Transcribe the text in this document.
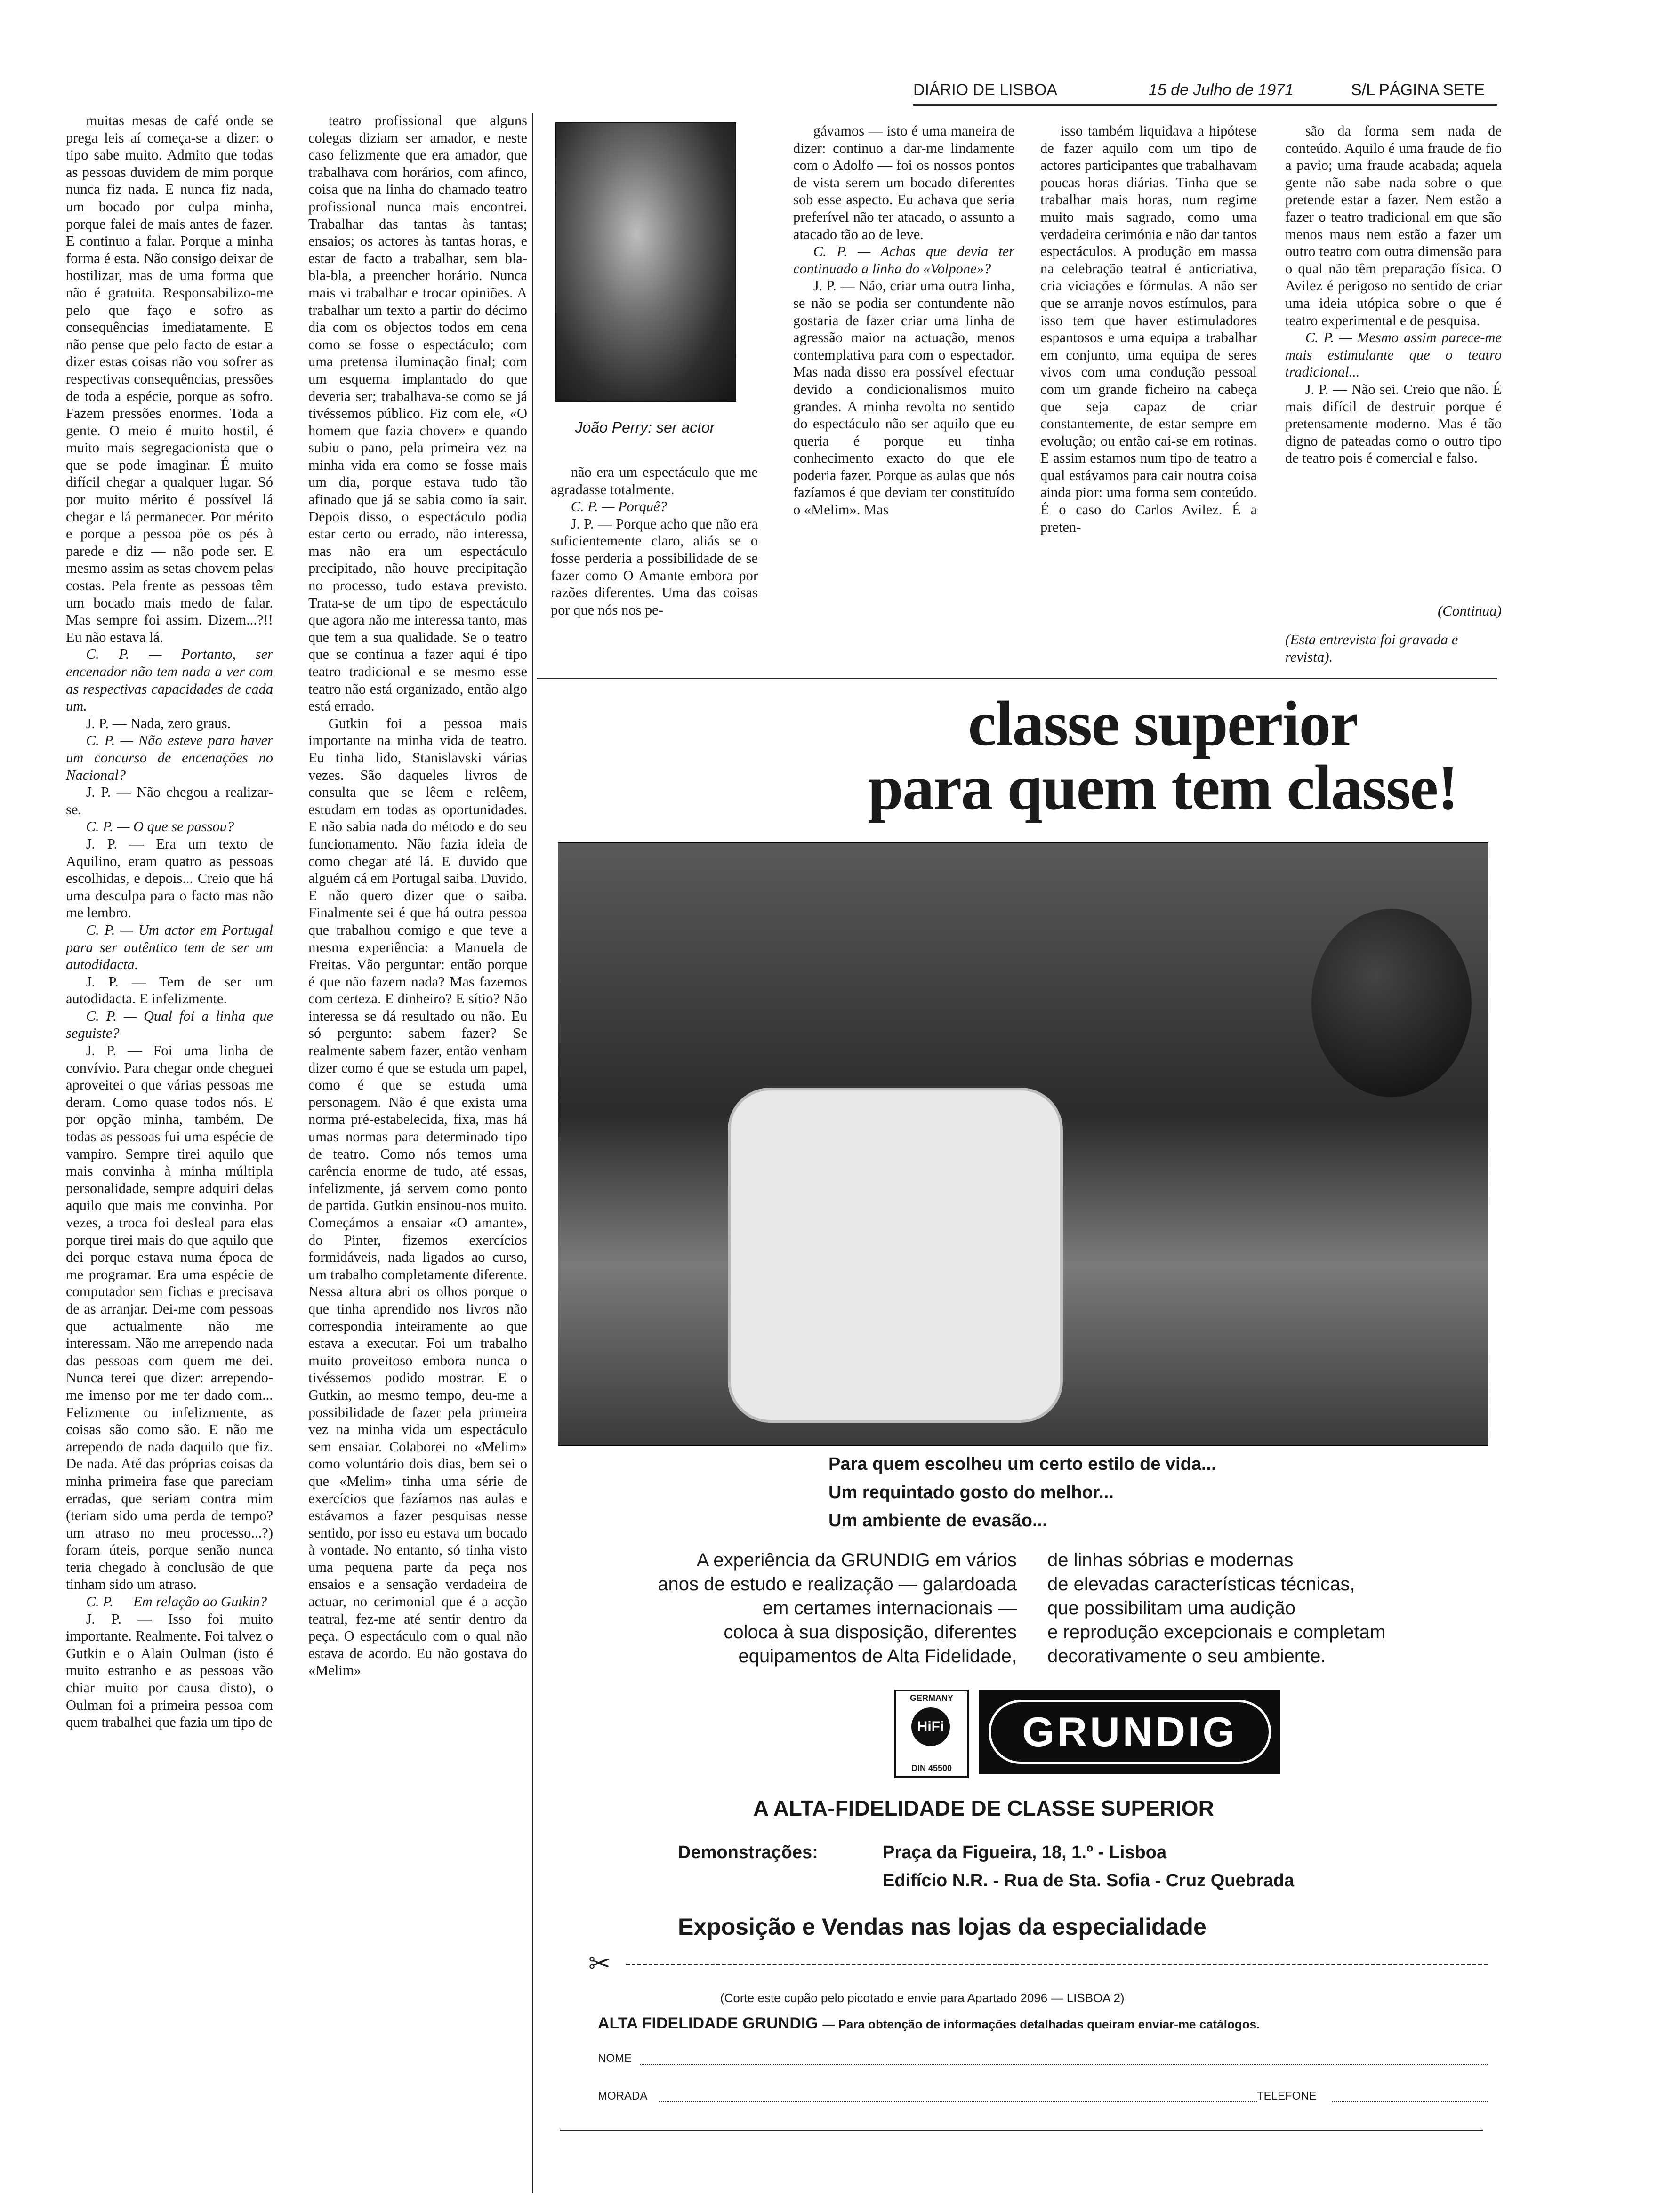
DIÁRIO DE LISBOA	15 de Julho de 1971	S/L PÁGINA SETE

muitas mesas de café onde se prega leis aí começa-se a dizer: o tipo sabe muito. Admito que todas as pessoas duvidem de mim porque nunca fiz nada. E nunca fiz nada, um bocado por culpa minha, porque falei de mais antes de fazer. E continuo a falar. Porque a minha forma é esta. Não consigo deixar de hostilizar, mas de uma forma que não é gratuita. Responsabilizo-me pelo que faço e sofro as consequências imediatamente. E não pense que pelo facto de estar a dizer estas coisas não vou sofrer as respectivas consequências, pressões de toda a espécie, porque as sofro. Fazem pressões enormes. Toda a gente. O meio é muito hostil, é muito mais segregacionista que o que se pode imaginar. É muito difícil chegar a qualquer lugar. Só por muito mérito é possível lá chegar e lá permanecer. Por mérito e porque a pessoa põe os pés à parede e diz — não pode ser. E mesmo assim as setas chovem pelas costas. Pela frente as pessoas têm um bocado mais medo de falar. Mas sempre foi assim. Dizem...?!! Eu não estava lá.

C. P. — Portanto, ser encenador não tem nada a ver com as respectivas capacidades de cada um.

J. P. — Nada, zero graus.

C. P. — Não esteve para haver um concurso de encenações no Nacional?

J. P. — Não chegou a realizar-se.

C. P. — O que se passou?

J. P. — Era um texto de Aquilino, eram quatro as pessoas escolhidas, e depois... Creio que há uma desculpa para o facto mas não me lembro.

C. P. — Um actor em Portugal para ser autêntico tem de ser um autodidacta.

J. P. — Tem de ser um autodidacta. E infelizmente.

C. P. — Qual foi a linha que seguiste?

J. P. — Foi uma linha de convívio. Para chegar onde cheguei aproveitei o que várias pessoas me deram. Como quase todos nós. E por opção minha, também. De todas as pessoas fui uma espécie de vampiro. Sempre tirei aquilo que mais convinha à minha múltipla personalidade, sempre adquiri delas aquilo que mais me convinha. Por vezes, a troca foi desleal para elas porque tirei mais do que aquilo que dei porque estava numa época de me programar. Era uma espécie de computador sem fichas e precisava de as arranjar. Dei-me com pessoas que actualmente não me interessam. Não me arrependo nada das pessoas com quem me dei. Nunca terei que dizer: arrependo-me imenso por me ter dado com... Felizmente ou infelizmente, as coisas são como são. E não me arrependo de nada daquilo que fiz. De nada. Até das próprias coisas da minha primeira fase que pareciam erradas, que seriam contra mim (teriam sido uma perda de tempo? um atraso no meu processo...?) foram úteis, porque senão nunca teria chegado à conclusão de que tinham sido um atraso.

C. P. — Em relação ao Gutkin?

J. P. — Isso foi muito importante. Realmente. Foi talvez o Gutkin e o Alain Oulman (isto é muito estranho e as pessoas vão chiar muito por causa disto), o Oulman foi a primeira pessoa com quem trabalhei que fazia um tipo de

teatro profissional que alguns colegas diziam ser amador, e neste caso felizmente que era amador, que trabalhava com horários, com afinco, coisa que na linha do chamado teatro profissional nunca mais encontrei. Trabalhar das tantas às tantas; ensaios; os actores às tantas horas, e estar de facto a trabalhar, sem bla-bla-bla, a preencher horário. Nunca mais vi trabalhar e trocar opiniões. A trabalhar um texto a partir do décimo dia com os objectos todos em cena como se fosse o espectáculo; com uma pretensa iluminação final; com um esquema implantado do que deveria ser; trabalhava-se como se já tivéssemos público. Fiz com ele, «O homem que fazia chover» e quando subiu o pano, pela primeira vez na minha vida era como se fosse mais um dia, porque estava tudo tão afinado que já se sabia como ia sair. Depois disso, o espectáculo podia estar certo ou errado, não interessa, mas não era um espectáculo precipitado, não houve precipitação no processo, tudo estava previsto. Trata-se de um tipo de espectáculo que agora não me interessa tanto, mas que tem a sua qualidade. Se o teatro que se continua a fazer aqui é tipo teatro tradicional e se mesmo esse teatro não está organizado, então algo está errado.

Gutkin foi a pessoa mais importante na minha vida de teatro. Eu tinha lido, Stanislavski várias vezes. São daqueles livros de consulta que se lêem e relêem, estudam em todas as oportunidades. E não sabia nada do método e do seu funcionamento. Não fazia ideia de como chegar até lá. E duvido que alguém cá em Portugal saiba. Duvido. E não quero dizer que o saiba. Finalmente sei é que há outra pessoa que trabalhou comigo e que teve a mesma experiência: a Manuela de Freitas. Vão perguntar: então porque é que não fazem nada? Mas fazemos com certeza. E dinheiro? E sítio? Não interessa se dá resultado ou não. Eu só pergunto: sabem fazer? Se realmente sabem fazer, então venham dizer como é que se estuda um papel, como é que se estuda uma personagem. Não é que exista uma norma pré-estabelecida, fixa, mas há umas normas para determinado tipo de teatro. Como nós temos uma carência enorme de tudo, até essas, infelizmente, já servem como ponto de partida. Gutkin ensinou-nos muito. Começámos a ensaiar «O amante», do Pinter, fizemos exercícios formidáveis, nada ligados ao curso, um trabalho completamente diferente. Nessa altura abri os olhos porque o que tinha aprendido nos livros não correspondia inteiramente ao que estava a executar. Foi um trabalho muito proveitoso embora nunca o tivéssemos podido mostrar. E o Gutkin, ao mesmo tempo, deu-me a possibilidade de fazer pela primeira vez na minha vida um espectáculo sem ensaiar. Colaborei no «Melim» como voluntário dois dias, bem sei o que «Melim» tinha uma série de exercícios que fazíamos nas aulas e estávamos a fazer pesquisas nesse sentido, por isso eu estava um bocado à vontade. No entanto, só tinha visto uma pequena parte da peça nos ensaios e a sensação verdadeira de actuar, no cerimonial que é a acção teatral, fez-me até sentir dentro da peça. O espectáculo com o qual não estava de acordo. Eu não gostava do «Melim»

João Perry: ser actor

não era um espectáculo que me agradasse totalmente.

C. P. — Porquê?

J. P. — Porque acho que não era suficientemente claro, aliás se o fosse perderia a possibilidade de se fazer como O Amante embora por razões diferentes. Uma das coisas por que nós nos pe-

gávamos — isto é uma maneira de dizer: continuo a dar-me lindamente com o Adolfo — foi os nossos pontos de vista serem um bocado diferentes sob esse aspecto. Eu achava que seria preferível não ter atacado, o assunto a atacado tão ao de leve.

C. P. — Achas que devia ter continuado a linha do «Volpone»?

J. P. — Não, criar uma outra linha, se não se podia ser contundente não gostaria de fazer criar uma linha de agressão maior na actuação, menos contemplativa para com o espectador. Mas nada disso era possível efectuar devido a condicionalismos muito grandes. A minha revolta no sentido do espectáculo não ser aquilo que eu queria é porque eu tinha conhecimento exacto do que ele poderia fazer. Porque as aulas que nós fazíamos é que deviam ter constituído o «Melim». Mas

isso também liquidava a hipótese de fazer aquilo com um tipo de actores participantes que trabalhavam poucas horas diárias. Tinha que se trabalhar mais horas, num regime muito mais sagrado, como uma verdadeira cerimónia e não dar tantos espectáculos. A produção em massa na celebração teatral é anticriativa, cria viciações e fórmulas. A não ser que se arranje novos estímulos, para isso tem que haver estimuladores espantosos e uma equipa a trabalhar em conjunto, uma equipa de seres vivos com uma condução pessoal com um grande ficheiro na cabeça que seja capaz de criar constantemente, de estar sempre em evolução; ou então cai-se em rotinas. E assim estamos num tipo de teatro a qual estávamos para cair noutra coisa ainda pior: uma forma sem conteúdo. É o caso do Carlos Avilez. É a preten-

são da forma sem nada de conteúdo. Aquilo é uma fraude de fio a pavio; uma fraude acabada; aquela gente não sabe nada sobre o que pretende estar a fazer. Nem estão a fazer o teatro tradicional em que são menos maus nem estão a fazer um outro teatro com outra dimensão para o qual não têm preparação física. O Avilez é perigoso no sentido de criar uma ideia utópica sobre o que é teatro experimental e de pesquisa.

C. P. — Mesmo assim parece-me mais estimulante que o teatro tradicional...

J. P. — Não sei. Creio que não. É mais difícil de destruir porque é pretensamente moderno. Mas é tão digno de pateadas como o outro tipo de teatro pois é comercial e falso.

(Continua)
(Esta entrevista foi gravada e revista).
classe superior
para quem tem classe!
Para quem escolheu um certo estilo de vida...
Um requintado gosto do melhor...
Um ambiente de evasão...
A experiência da GRUNDIG em vários
anos de estudo e realização — galardoada
em certames internacionais —
coloca à sua disposição, diferentes
equipamentos de Alta Fidelidade,
de linhas sóbrias e modernas
de elevadas características técnicas,
que possibilitam uma audição
e reprodução excepcionais e completam
decorativamente o seu ambiente.
GERMANY
HiFi
DIN 45500
GRUNDIG
A ALTA-FIDELIDADE DE CLASSE SUPERIOR
Demonstrações:	Praça da Figueira, 18, 1.º - Lisboa
Edifício N.R. - Rua de Sta. Sofia - Cruz Quebrada
Exposição e Vendas nas lojas da especialidade
✂
(Corte este cupão pelo picotado e envie para Apartado 2096 — LISBOA 2)
ALTA FIDELIDADE GRUNDIG — Para obtenção de informações detalhadas queiram enviar-me catálogos.
NOME
MORADA	TELEFONE
